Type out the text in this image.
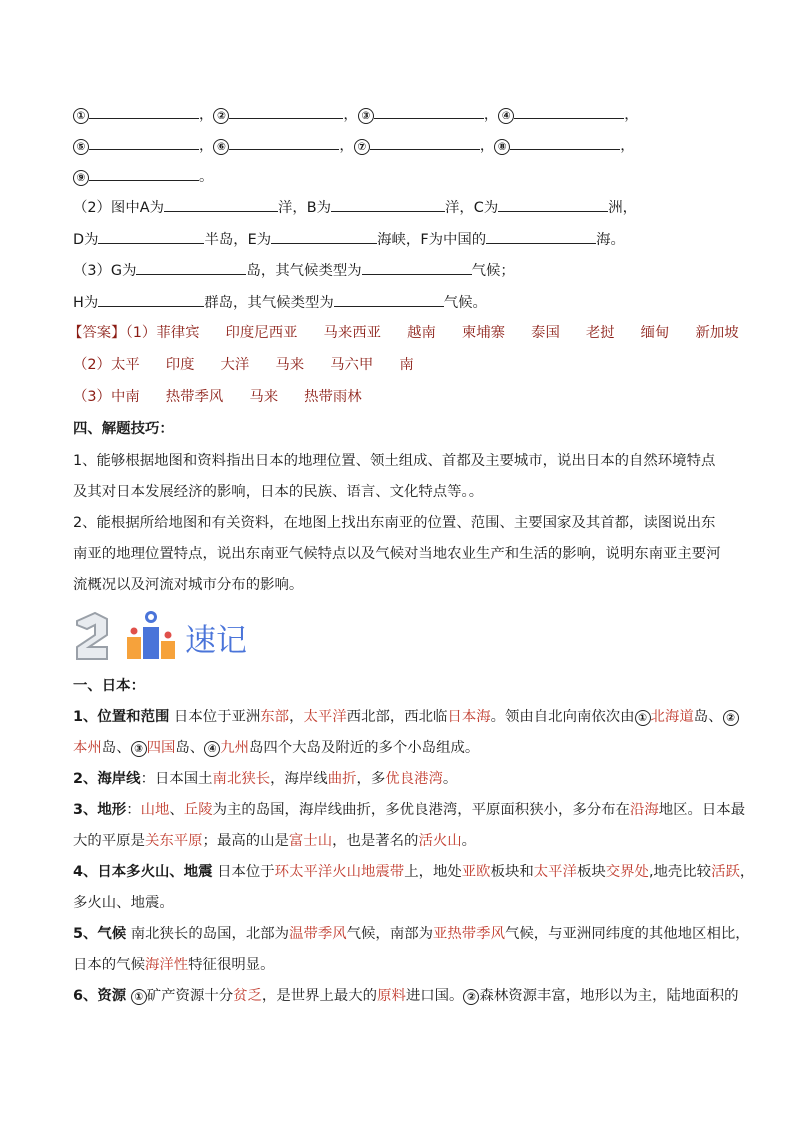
①	， ②	， ③	， ④	，
⑤	， ⑥	， ⑦	， ⑧	，
⑨	。
（2）图中A为	洋，B为	洋，C为	洲，
D为	半岛，E为	海峡，F为中国的	海。
（3）G为	岛，其气候类型为	气候；
H为	群岛，其气候类型为	气候。
【答案】（1）菲律宾 印度尼西亚 马来西亚 越南 柬埔寨 泰国 老挝 缅甸 新加坡
（2）太平 印度 大洋 马来 马六甲 南
（3）中南 热带季风 马来 热带雨林
四、解题技巧：
1、能够根据地图和资料指出日本的地理位置、领土组成、首都及主要城市，说出日本的自然环境特点及其对日本发展经济的影响，日本的民族、语言、文化特点等。。
2、能根据所给地图和有关资料，在地图上找出东南亚的位置、范围、主要国家及其首都，读图说出东南亚的地理位置特点，说出东南亚气候特点以及气候对当地农业生产和生活的影响，说明东南亚主要河流概况以及河流对城市分布的影响。
速记
一、日本：
1、位置和范围 日本位于亚洲东部，太平洋西北部，西北临日本海。领由自北向南依次由 ① 北海道岛、 ②
本州岛、 ③ 四国岛、 ④ 九州岛四个大岛及附近的多个小岛组成。
2、海岸线：日本国土南北狭长，海岸线曲折，多优良港湾。
3、地形：山地、丘陵为主的岛国，海岸线曲折，多优良港湾，平原面积狭小，多分布在沿海地区。日本最
大的平原是关东平原；最高的山是富士山，也是著名的活火山。
4、日本多火山、地震 日本位于环太平洋火山地震带上，地处亚欧板块和太平洋板块交界处,地壳比较活跃，
多火山、地震。
5、气候 南北狭长的岛国，北部为温带季风气候，南部为亚热带季风气候，与亚洲同纬度的其他地区相比，
日本的气候海洋性特征很明显。
6、资源 ① 矿产资源十分贫乏，是世界上最大的原料进口国。 ② 森林资源丰富，地形以为主，陆地面积的
